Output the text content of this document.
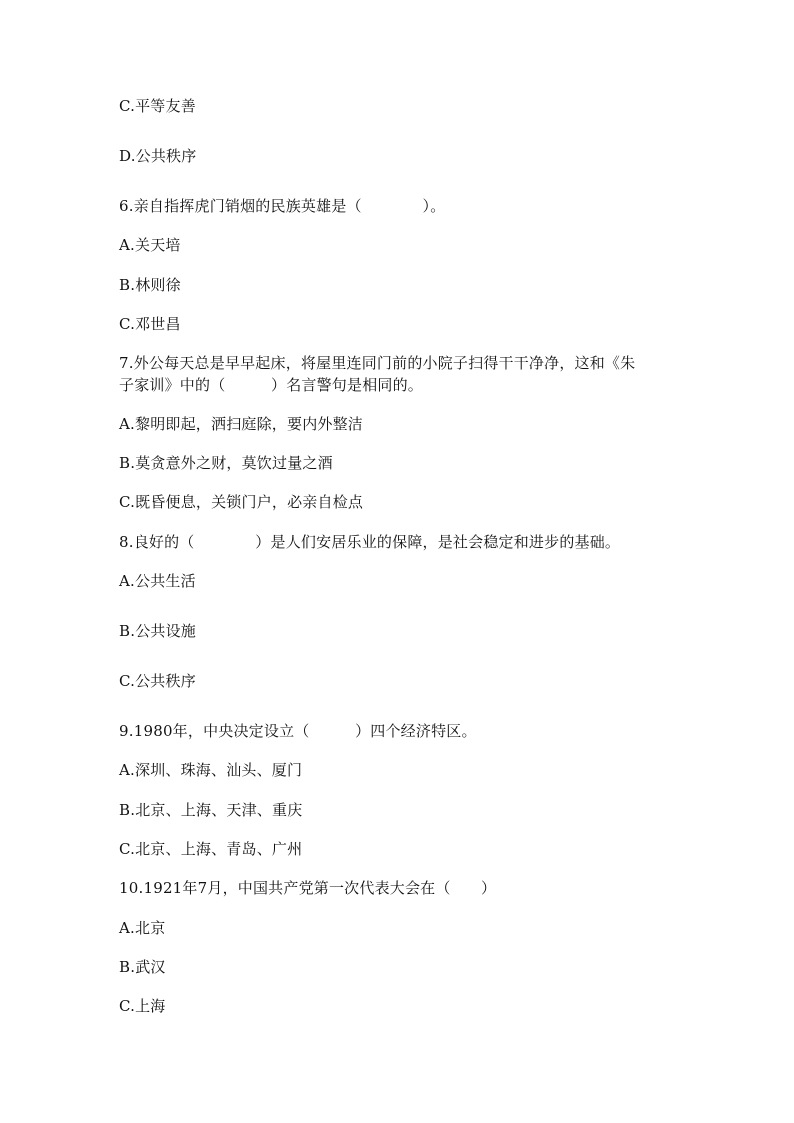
C.平等友善
D.公共秩序
6.亲自指挥虎门销烟的民族英雄是（　　　　）。
A.关天培
B.林则徐
C.邓世昌
7.外公每天总是早早起床，将屋里连同门前的小院子扫得干干净净，这和《朱
子家训》中的（　　　）名言警句是相同的。
A.黎明即起，洒扫庭除，要内外整洁
B.莫贪意外之财，莫饮过量之酒
C.既昏便息，关锁门户，必亲自检点
8.良好的（　　　　）是人们安居乐业的保障，是社会稳定和进步的基础。
A.公共生活
B.公共设施
C.公共秩序
9.1980年，中央决定设立（　　　）四个经济特区。
A.深圳、珠海、汕头、厦门
B.北京、上海、天津、重庆
C.北京、上海、青岛、广州
10.1921年7月，中国共产党第一次代表大会在（　　）
A.北京
B.武汉
C.上海
